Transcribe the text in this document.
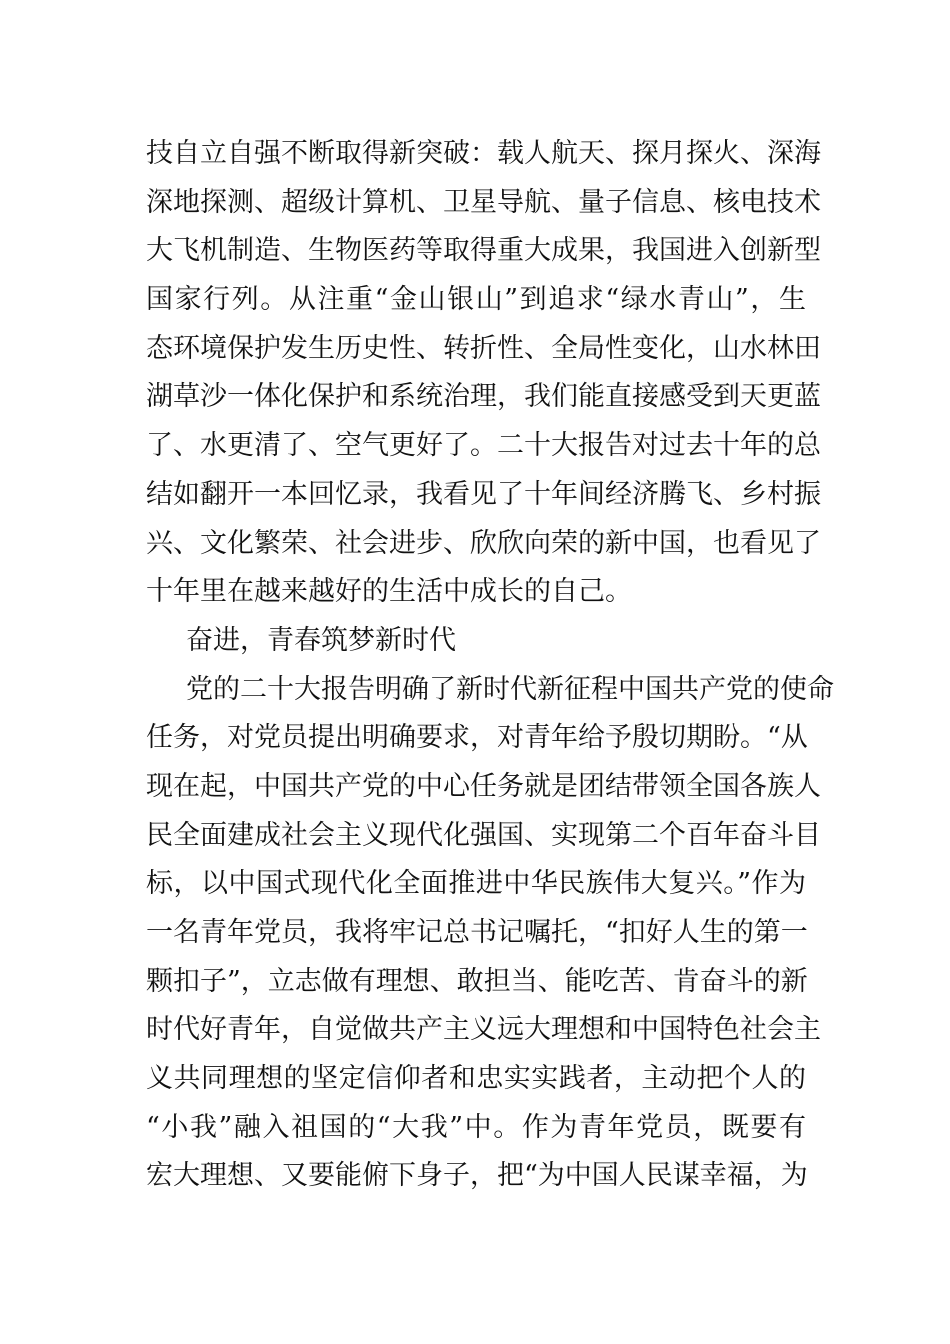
技自立自强不断取得新突破：载人航天、探月探火、深海
深地探测、超级计算机、卫星导航、量子信息、核电技术
大飞机制造、生物医药等取得重大成果，我国进入创新型
国家行列。从注重“金山银山”到追求“绿水青山”，生
态环境保护发生历史性、转折性、全局性变化，山水林田
湖草沙一体化保护和系统治理，我们能直接感受到天更蓝
了、水更清了、空气更好了。二十大报告对过去十年的总
结如翻开一本回忆录，我看见了十年间经济腾飞、乡村振
兴、文化繁荣、社会进步、欣欣向荣的新中国，也看见了
十年里在越来越好的生活中成长的自己。
奋进，青春筑梦新时代
党的二十大报告明确了新时代新征程中国共产党的使命
任务，对党员提出明确要求，对青年给予殷切期盼。“从
现在起，中国共产党的中心任务就是团结带领全国各族人
民全面建成社会主义现代化强国、实现第二个百年奋斗目
标，以中国式现代化全面推进中华民族伟大复兴。”作为
一名青年党员，我将牢记总书记嘱托，“扣好人生的第一
颗扣子”，立志做有理想、敢担当、能吃苦、肯奋斗的新
时代好青年，自觉做共产主义远大理想和中国特色社会主
义共同理想的坚定信仰者和忠实实践者，主动把个人的
“小我”融入祖国的“大我”中。作为青年党员，既要有
宏大理想、又要能俯下身子，把“为中国人民谋幸福，为
